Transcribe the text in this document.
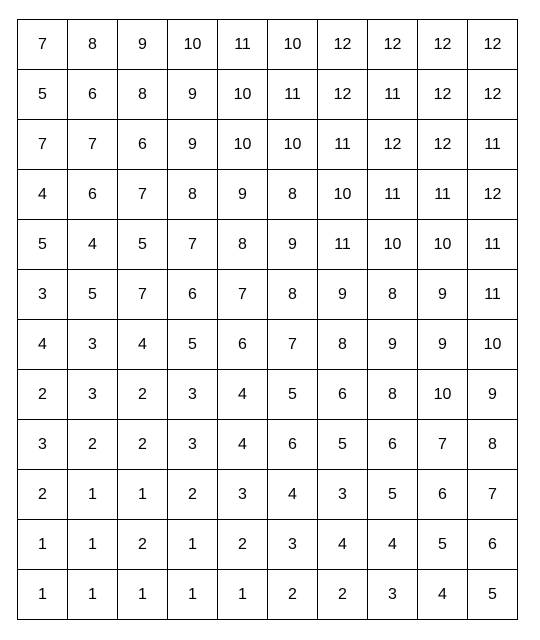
7	8	9	10	11	10	12	12	12	12
5	6	8	9	10	11	12	11	12	12
7	7	6	9	10	10	11	12	12	11
4	6	7	8	9	8	10	11	11	12
5	4	5	7	8	9	11	10	10	11
3	5	7	6	7	8	9	8	9	11
4	3	4	5	6	7	8	9	9	10
2	3	2	3	4	5	6	8	10	9
3	2	2	3	4	6	5	6	7	8
2	1	1	2	3	4	3	5	6	7
1	1	2	1	2	3	4	4	5	6
1	1	1	1	1	2	2	3	4	5
